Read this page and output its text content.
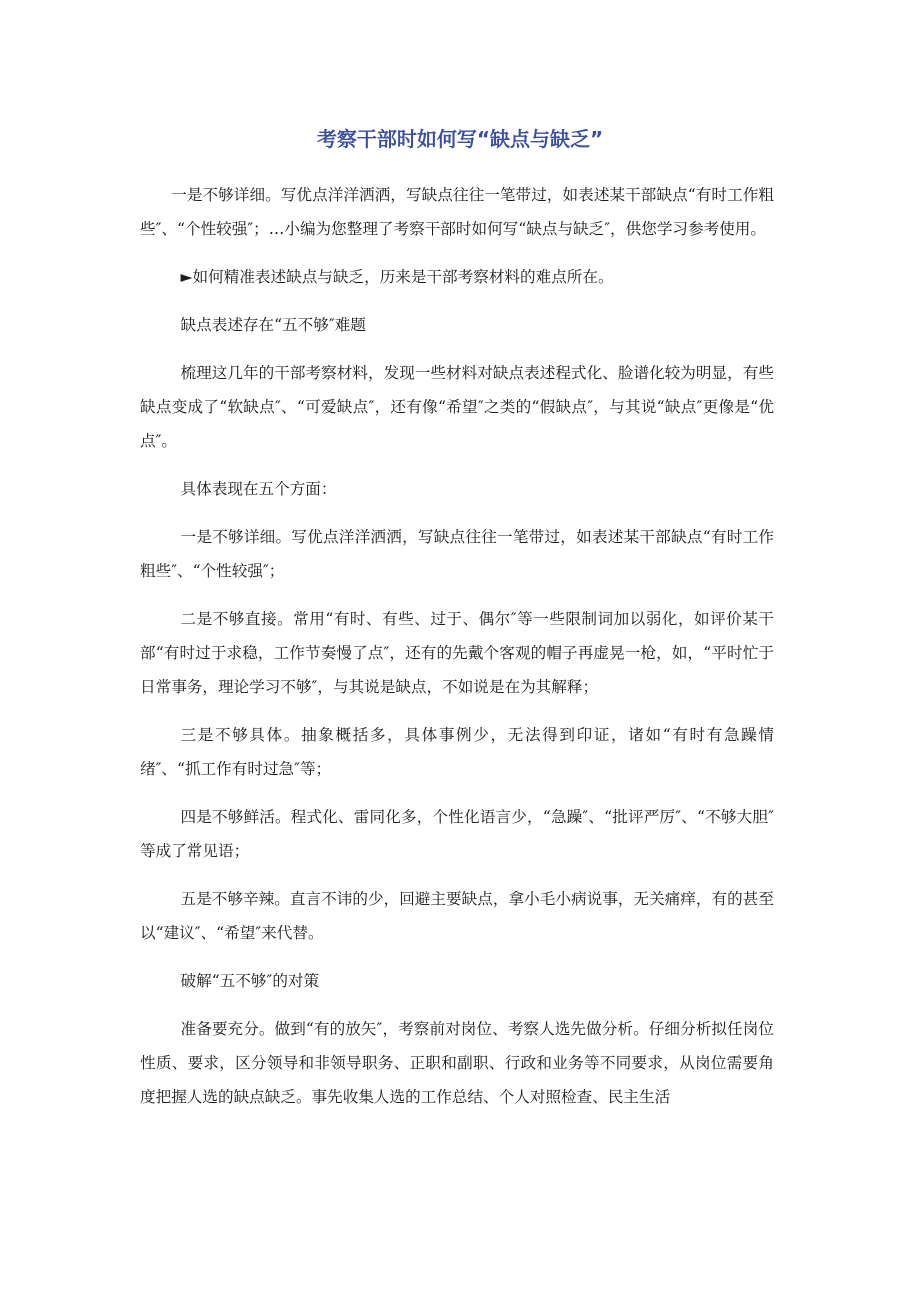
考察干部时如何写“缺点与缺乏”

一是不够详细。写优点洋洋洒洒，写缺点往往一笔带过，如表述某干部缺点“有时工作粗些″、“个性较强″；…小编为您整理了考察干部时如何写“缺点与缺乏″，供您学习参考使用。

►如何精准表述缺点与缺乏，历来是干部考察材料的难点所在。

缺点表述存在“五不够″难题

梳理这几年的干部考察材料，发现一些材料对缺点表述程式化、脸谱化较为明显，有些缺点变成了“软缺点″、“可爱缺点″，还有像“希望″之类的“假缺点″，与其说“缺点″更像是“优点″。

具体表现在五个方面：

一是不够详细。写优点洋洋洒洒，写缺点往往一笔带过，如表述某干部缺点“有时工作粗些″、“个性较强″；

二是不够直接。常用“有时、有些、过于、偶尔″等一些限制词加以弱化，如评价某干部“有时过于求稳，工作节奏慢了点″，还有的先戴个客观的帽子再虚晃一枪，如，“平时忙于日常事务，理论学习不够″，与其说是缺点，不如说是在为其解释；

三是不够具体。抽象概括多，具体事例少，无法得到印证，诸如“有时有急躁情绪″、“抓工作有时过急″等；

四是不够鲜活。程式化、雷同化多，个性化语言少，“急躁″、“批评严厉″、“不够大胆″等成了常见语；

五是不够辛辣。直言不讳的少，回避主要缺点，拿小毛小病说事，无关痛痒，有的甚至以“建议″、“希望″来代替。

破解“五不够″的对策

准备要充分。做到“有的放矢″，考察前对岗位、考察人选先做分析。仔细分析拟任岗位性质、要求，区分领导和非领导职务、正职和副职、行政和业务等不同要求，从岗位需要角度把握人选的缺点缺乏。事先收集人选的工作总结、个人对照检查、民主生活
